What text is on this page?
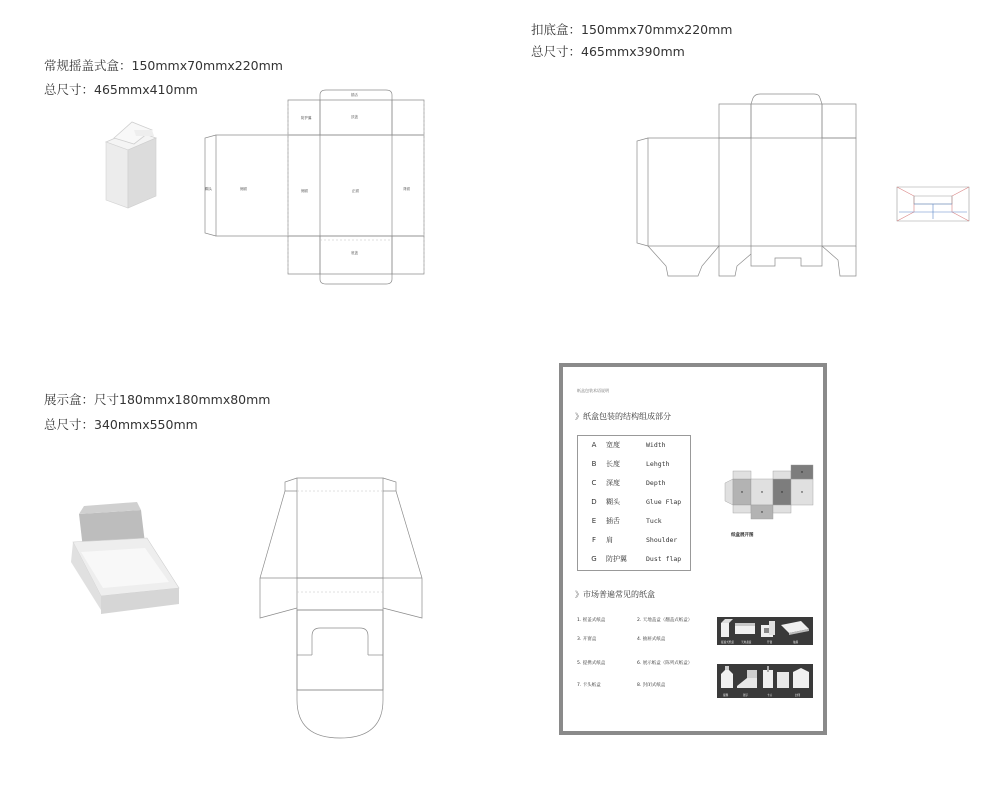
常规摇盖式盒：150mmx70mmx220mm
总尺寸：465mmx410mm
糊头	侧面
防护翼
插舌
顶盖
侧面	正面	背面
底盖
扣底盒：150mmx70mmx220mm
总尺寸：465mmx390mm
展示盒：尺寸180mmx180mmx80mm
总尺寸：340mmx550mm
纸盒包装术语说明
》纸盒包装的结构组成部分
A	宽度	Width
B	长度	Lehgth
C	深度	Depth
D	糊头	Glue Flap
E	插舌	Tuck
F	肩	Shoulder
G	防护翼	Dust flap
纸盒展开图
》市场普遍常见的纸盒
1. 摇盖式纸盒	2. 天地盖盒（翻盖式纸盒）
3. 开窗盒	4. 抽屉式纸盒
5. 提携式纸盒	6. 展示纸盒（陈列式纸盒）
7. 卡头纸盒	8. 封闭式纸盒
摇盖式纸盒	天地盖盒	开窗	抽屉
提携	展示	卡头	封闭
